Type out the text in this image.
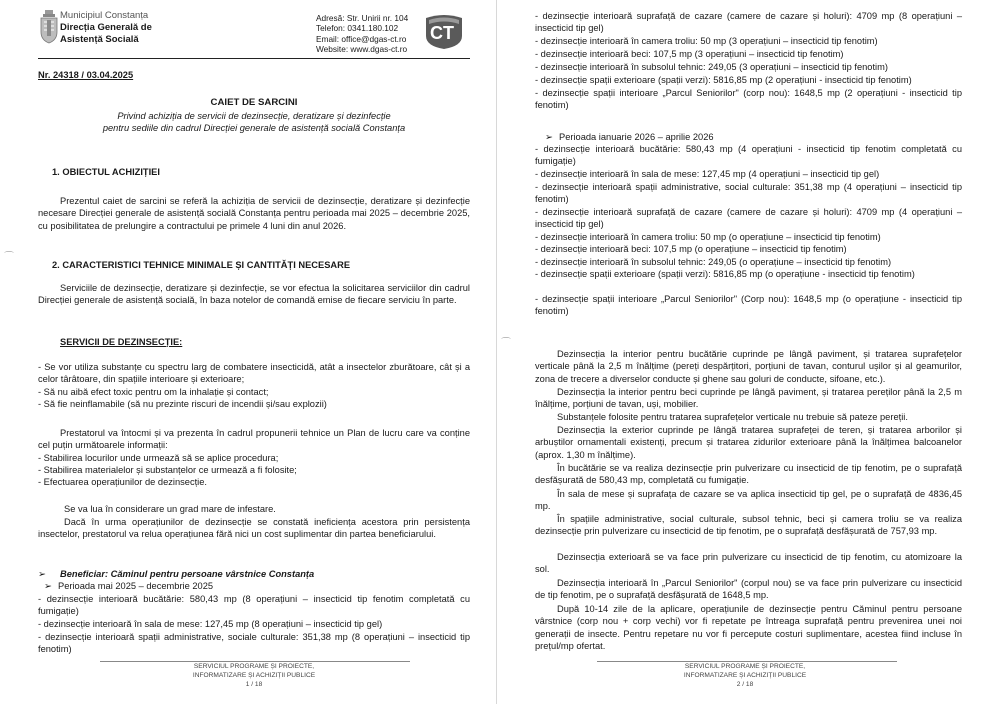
Municipiul Constanța
Direcția Generală de
Asistență Socială
Adresă: Str. Unirii nr. 104
Telefon: 0341.180.102
Email: office@dgas-ct.ro
Website: www.dgas-ct.ro
CT
Nr. 24318 / 03.04.2025
CAIET DE SARCINI
Privind achiziția de servicii de dezinsecție, deratizare și dezinfecție
pentru sediile din cadrul Direcției generale de asistență socială Constanța
1. OBIECTUL ACHIZIȚIEI
Prezentul caiet de sarcini se referă la achiziția de servicii de dezinsecție, deratizare și dezinfecție necesare Direcției generale de asistență socială Constanța pentru perioada mai 2025 – decembrie 2025, cu posibilitatea de prelungire a contractului pe primele 4 luni din anul 2026.
⌒
2. CARACTERISTICI TEHNICE MINIMALE ȘI CANTITĂȚI NECESARE
Serviciile de dezinsecție, deratizare și dezinfecție, se vor efectua la solicitarea serviciilor din cadrul Direcției generale de asistență socială, în baza notelor de comandă emise de fiecare serviciu în parte.
SERVICII DE DEZINSECȚIE:
- Se vor utiliza substanțe cu spectru larg de combatere insecticidă, atât a insectelor zburătoare, cât și a celor târâtoare, din spațiile interioare și exterioare;
- Să nu aibă efect toxic pentru om la inhalație și contact;
- Să fie neinflamabile (să nu prezinte riscuri de incendii și/sau explozii)
Prestatorul va întocmi și va prezenta în cadrul propunerii tehnice un Plan de lucru care va conține cel puțin următoarele informații:
- Stabilirea locurilor unde urmează să se aplice procedura;
- Stabilirea materialelor și substanțelor ce urmează a fi folosite;
- Efectuarea operațiunilor de dezinsecție.
Se va lua în considerare un grad mare de infestare.
Dacă în urma operațiunilor de dezinsecție se constată ineficiența acestora prin persistența insectelor, prestatorul va relua operațiunea fără nici un cost suplimentar din partea beneficiarului.
➢ Beneficiar: Căminul pentru persoane vârstnice Constanța
➢ Perioada mai 2025 – decembrie 2025
- dezinsecție interioară bucătărie: 580,43 mp (8 operațiuni – insecticid tip fenotim completată cu fumigație)
- dezinsecție interioară în sala de mese: 127,45 mp (8 operațiuni – insecticid tip gel)
- dezinsecție interioară spații administrative, sociale culturale: 351,38 mp (8 operațiuni – insecticid tip fenotim)
SERVICIUL PROGRAME ȘI PROIECTE,
INFORMATIZARE ȘI ACHIZIȚII PUBLICE
1 / 18
- dezinsecție interioară suprafață de cazare (camere de cazare și holuri): 4709 mp (8 operațiuni – insecticid tip gel)
- dezinsecție interioară în camera troliu: 50 mp (3 operațiuni – insecticid tip fenotim)
- dezinsecție interioară beci: 107,5 mp (3 operațiuni – insecticid tip fenotim)
- dezinsecție interioară în subsolul tehnic: 249,05 (3 operațiuni – insecticid tip fenotim)
- dezinsecție spații exterioare (spații verzi): 5816,85 mp (2 operațiuni - insecticid tip fenotim)
- dezinsecție spații interioare „Parcul Seniorilor" (corp nou): 1648,5 mp (2 operațiuni - insecticid tip fenotim)
➢ Perioada ianuarie 2026 – aprilie 2026
- dezinsecție interioară bucătărie: 580,43 mp (4 operațiuni - insecticid tip fenotim completată cu fumigație)
- dezinsecție interioară în sala de mese: 127,45 mp (4 operațiuni – insecticid tip gel)
- dezinsecție interioară spații administrative, social culturale: 351,38 mp (4 operațiuni – insecticid tip fenotim)
- dezinsecție interioară suprafață de cazare (camere de cazare și holuri): 4709 mp (4 operațiuni – insecticid tip gel)
- dezinsecție interioară în camera troliu: 50 mp (o operațiune – insecticid tip fenotim)
- dezinsecție interioară beci: 107,5 mp (o operațiune – insecticid tip fenotim)
- dezinsecție interioară în subsolul tehnic: 249,05 (o operațiune – insecticid tip fenotim)
- dezinsecție spații exterioare (spații verzi): 5816,85 mp (o operațiune - insecticid tip fenotim)
- dezinsecție spații interioare „Parcul Seniorilor" (Corp nou): 1648,5 mp (o operațiune - insecticid tip fenotim)
⌒
Dezinsecția la interior pentru bucătărie cuprinde pe lângă paviment, și tratarea suprafețelor verticale până la 2,5 m înălțime (pereți despărțitori, porțiuni de tavan, conturul ușilor și al geamurilor, zona de trecere a diverselor conducte și ghene sau goluri de conducte, sifoane, etc.).
Dezinsecția la interior pentru beci cuprinde pe lângă paviment, și tratarea pereților până la 2,5 m înălțime, porțiuni de tavan, uși, mobilier.
Substanțele folosite pentru tratarea suprafețelor verticale nu trebuie să pateze pereții.
Dezinsecția la exterior cuprinde pe lângă tratarea suprafeței de teren, și tratarea arborilor și arbuștilor ornamentali existenți, precum și tratarea zidurilor exterioare până la înălțimea balcoanelor (aprox. 1,30 m înălțime).
În bucătărie se va realiza dezinsecție prin pulverizare cu insecticid de tip fenotim, pe o suprafață desfășurată de 580,43 mp, completată cu fumigație.
În sala de mese și suprafața de cazare se va aplica insecticid tip gel, pe o suprafață de 4836,45 mp.
În spațiile administrative, social culturale, subsol tehnic, beci și camera troliu se va realiza dezinsecție prin pulverizare cu insecticid de tip fenotim, pe o suprafață desfășurată de 757,93 mp.
Dezinsecția exterioară se va face prin pulverizare cu insecticid de tip fenotim, cu atomizoare la sol.
Dezinsecția interioară în „Parcul Seniorilor" (corpul nou) se va face prin pulverizare cu insecticid de tip fenotim, pe o suprafață desfășurată de 1648,5 mp.
După 10-14 zile de la aplicare, operațiunile de dezinsecție pentru Căminul pentru persoane vârstnice (corp nou + corp vechi) vor fi repetate pe întreaga suprafață pentru prevenirea unei noi generații de insecte. Pentru repetare nu vor fi percepute costuri suplimentare, acestea fiind incluse în prețul/mp ofertat.
SERVICIUL PROGRAME ȘI PROIECTE,
INFORMATIZARE ȘI ACHIZIȚII PUBLICE
2 / 18
